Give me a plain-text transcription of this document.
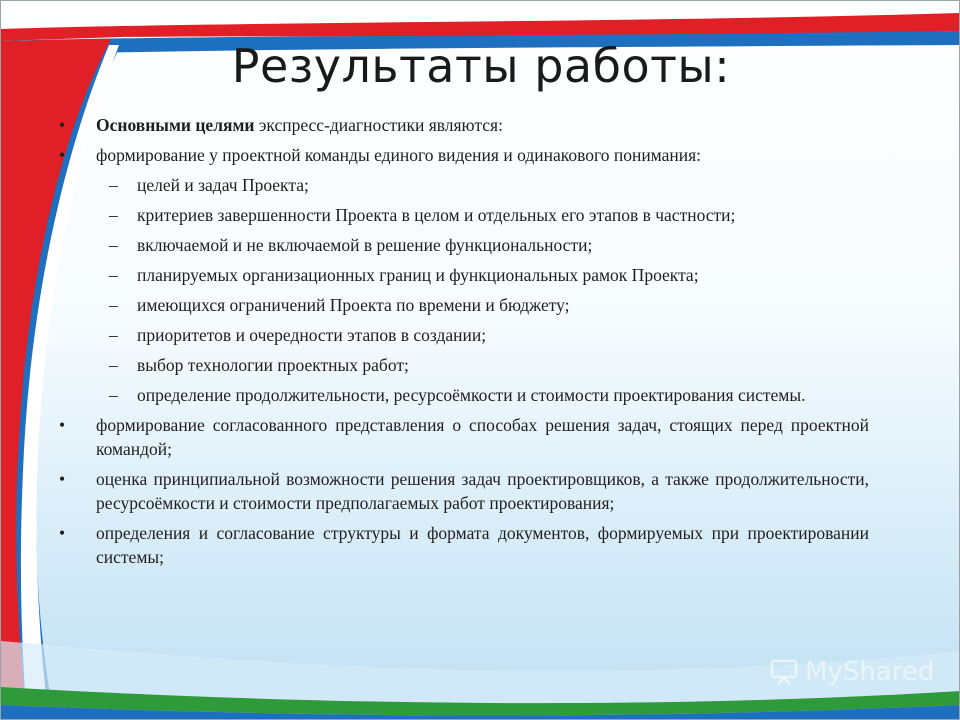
Результаты работы:
• Основными целями экспресс-диагностики являются:
• формирование у проектной команды единого видения и одинакового понимания:
– целей и задач Проекта;
– критериев завершенности Проекта в целом и отдельных его этапов в частности;
– включаемой и не включаемой в решение функциональности;
– планируемых организационных границ и функциональных рамок Проекта;
– имеющихся ограничений Проекта по времени и бюджету;
– приоритетов и очередности этапов в создании;
– выбор технологии проектных работ;
– определение продолжительности, ресурсоёмкости и стоимости проектирования системы.
• формирование согласованного представления о способах решения задач, стоящих перед проектной командой;
• оценка принципиальной возможности решения задач проектировщиков, а также продолжительности, ресурсоёмкости и стоимости предполагаемых работ проектирования;
• определения и согласование структуры и формата документов, формируемых при проектировании системы;
MyShared
